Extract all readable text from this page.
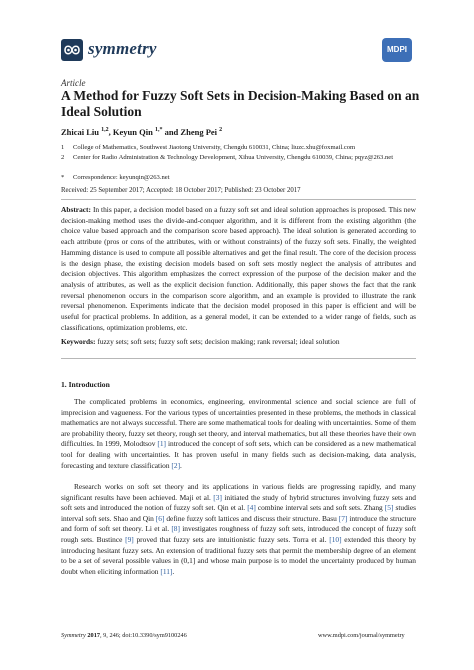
symmetry	MDPI
Article
A Method for Fuzzy Soft Sets in Decision-Making Based on an Ideal Solution
Zhicai Liu $^{1,2}$, Keyun Qin $^{1,*}$ and Zheng Pei $^2$
1 College of Mathematics, Southwest Jiaotong University, Chengdu 610031, China; liuzc.xhu@foxmail.com
2 Center for Radio Administration & Technology Development, Xihua University, Chengdu 610039, China; pqyz@263.net
* Correspondence: keyunqin@263.net
Received: 25 September 2017; Accepted: 18 October 2017; Published: 23 October 2017

Abstract: In this paper, a decision model based on a fuzzy soft set and ideal solution approaches is proposed. This new decision-making method uses the divide-and-conquer algorithm, and it is different from the existing algorithm (the choice value based approach and the comparison score based approach). The ideal solution is generated according to each attribute (pros or cons of the attributes, with or without constraints) of the fuzzy soft sets. Finally, the weighted Hamming distance is used to compute all possible alternatives and get the final result. The core of the decision process is the design phase, the existing decision models based on soft sets mostly neglect the analysis of attributes and decision objectives. This algorithm emphasizes the correct expression of the purpose of the decision maker and the analysis of attributes, as well as the explicit decision function. Additionally, this paper shows the fact that the rank reversal phenomenon occurs in the comparison score algorithm, and an example is provided to illustrate the rank reversal phenomenon. Experiments indicate that the decision model proposed in this paper is efficient and will be useful for practical problems. In addition, as a general model, it can be extended to a wider range of fields, such as classifications, optimization problems, etc.

Keywords: fuzzy sets; soft sets; fuzzy soft sets; decision making; rank reversal; ideal solution

1. Introduction

The complicated problems in economics, engineering, environmental science and social science are full of imprecision and vagueness. For the various types of uncertainties presented in these problems, the methods in classical mathematics are not always successful. There are some mathematical tools for dealing with uncertainties. Some of them are probability theory, fuzzy set theory, rough set theory, and interval mathematics, but all these theories have their own difficulties. In 1999, Molodtsov [1] introduced the concept of soft sets, which can be considered as a new mathematical tool for dealing with uncertainties. It has proven useful in many fields such as decision-making, data analysis, forecasting and texture classification [2].

Research works on soft set theory and its applications in various fields are progressing rapidly, and many significant results have been achieved. Maji et al. [3] initiated the study of hybrid structures involving fuzzy sets and soft sets and introduced the notion of fuzzy soft set. Qin et al. [4] combine interval sets and soft sets. Zhang [5] studies interval soft sets. Shao and Qin [6] define fuzzy soft lattices and discuss their structure. Basu [7] introduce the structure and form of soft set theory. Li et al. [8] investigates roughness of fuzzy soft sets, introduced the concept of fuzzy soft rough sets. Bustince [9] proved that fuzzy sets are intuitionistic fuzzy sets. Torra et al. [10] extended this theory by introducing hesitant fuzzy sets. An extension of traditional fuzzy sets that permit the membership degree of an element to be a set of several possible values in (0,1] and whose main purpose is to model the uncertainty produced by human doubt when eliciting information [11].

Symmetry 2017, 9, 246; doi:10.3390/sym9100246	www.mdpi.com/journal/symmetry
